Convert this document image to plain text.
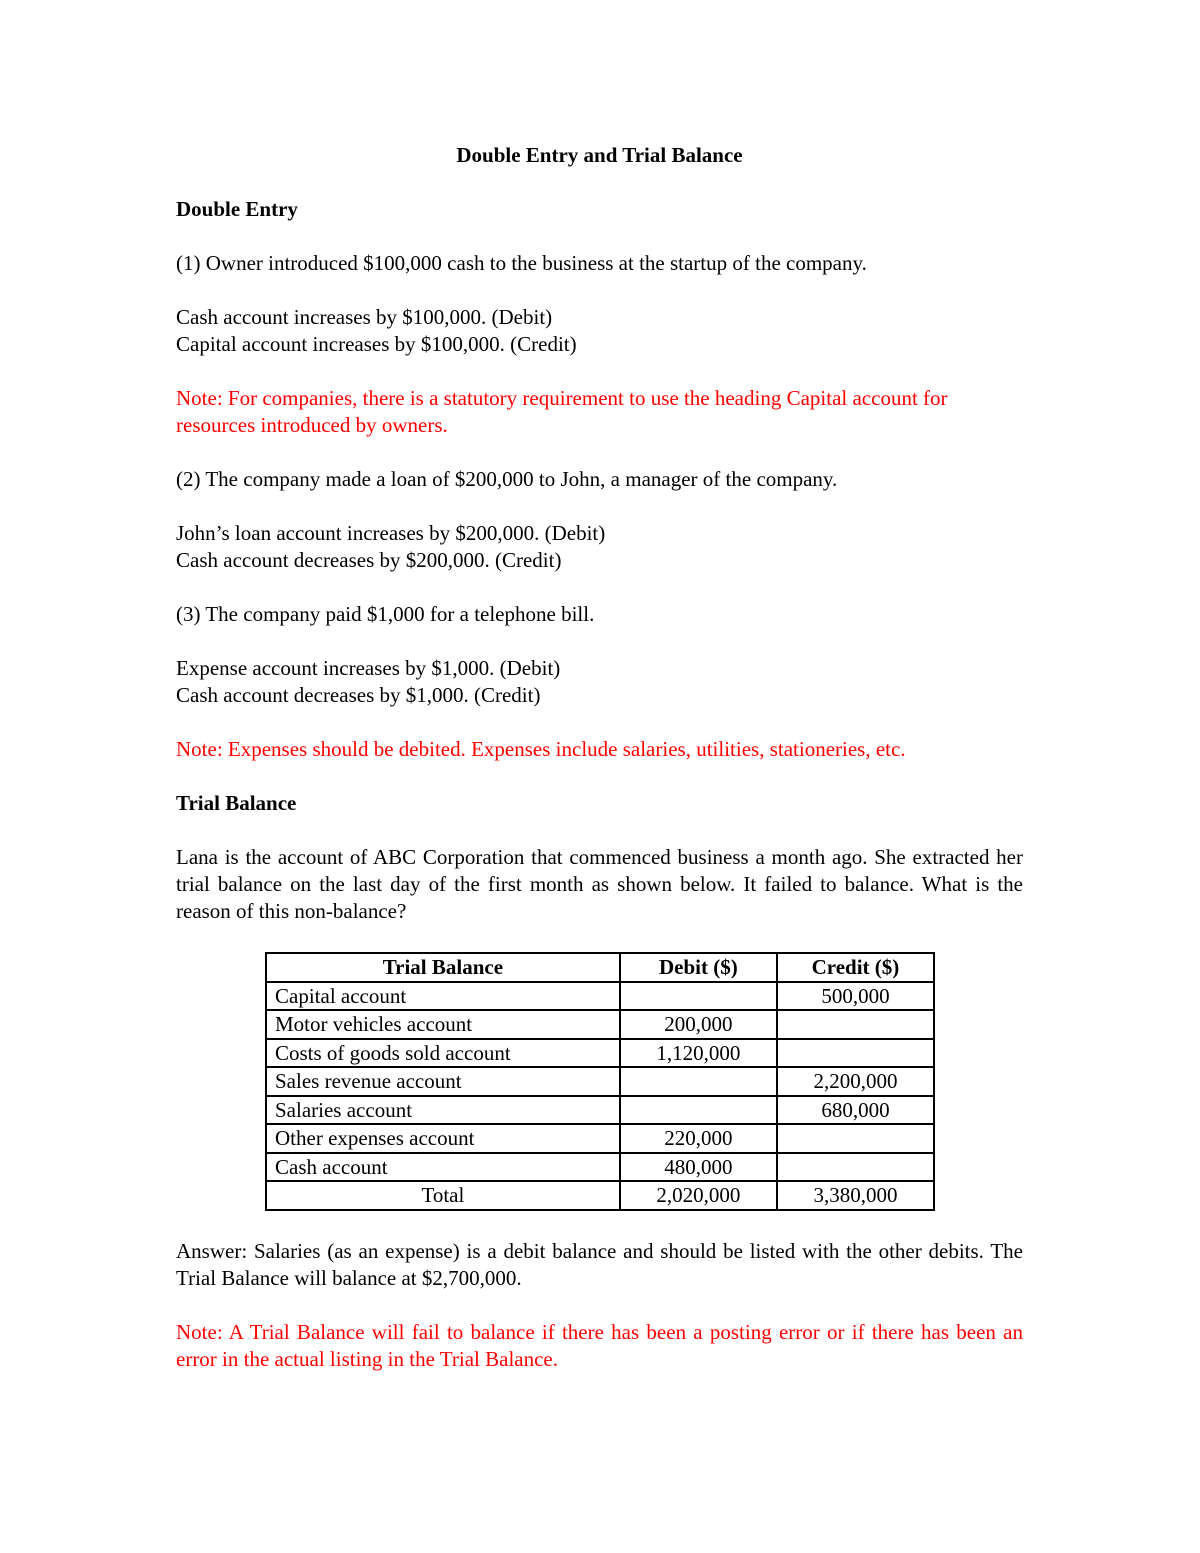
Double Entry and Trial Balance
Double Entry

(1) Owner introduced $100,000 cash to the business at the startup of the company.

Cash account increases by $100,000. (Debit)
Capital account increases by $100,000. (Credit)

Note: For companies, there is a statutory requirement to use the heading Capital account for resources introduced by owners.

(2) The company made a loan of $200,000 to John, a manager of the company.

John’s loan account increases by $200,000. (Debit)
Cash account decreases by $200,000. (Credit)

(3) The company paid $1,000 for a telephone bill.

Expense account increases by $1,000. (Debit)
Cash account decreases by $1,000. (Credit)

Note: Expenses should be debited. Expenses include salaries, utilities, stationeries, etc.

Trial Balance

Lana is the account of ABC Corporation that commenced business a month ago. She extracted her trial balance on the last day of the first month as shown below. It failed to balance. What is the reason of this non-balance?

Trial Balance	Debit ($)	Credit ($)
Capital account		500,000
Motor vehicles account	200,000	
Costs of goods sold account	1,120,000	
Sales revenue account		2,200,000
Salaries account		680,000
Other expenses account	220,000	
Cash account	480,000	
Total	2,020,000	3,380,000

Answer: Salaries (as an expense) is a debit balance and should be listed with the other debits. The Trial Balance will balance at $2,700,000.

Note: A Trial Balance will fail to balance if there has been a posting error or if there has been an error in the actual listing in the Trial Balance.
